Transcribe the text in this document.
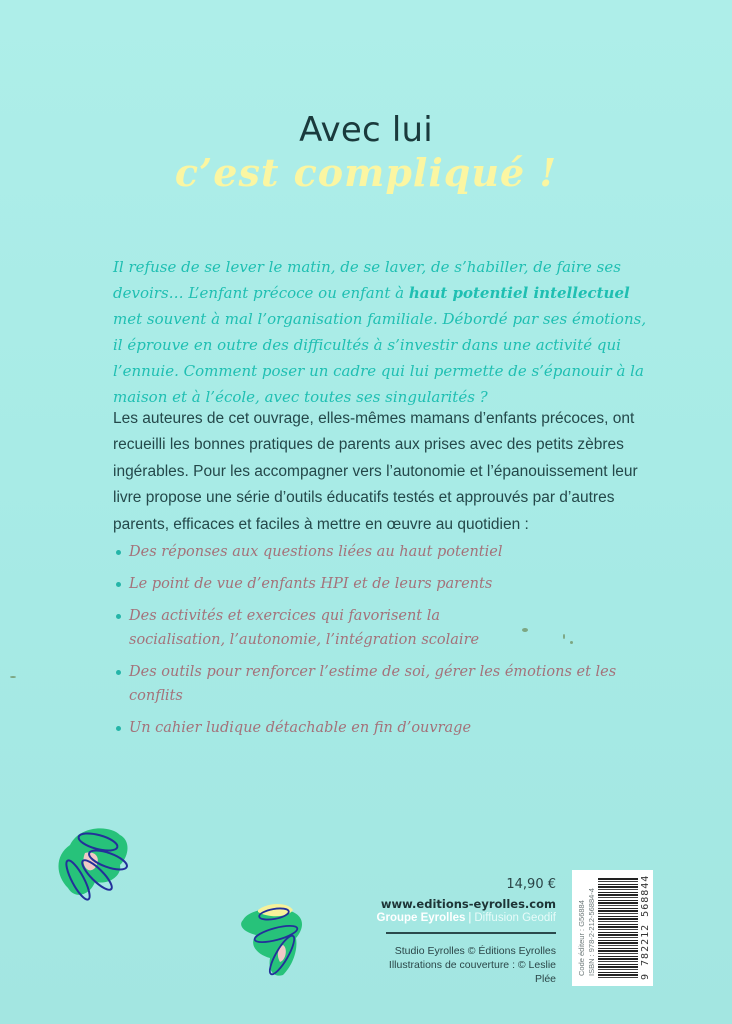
Avec lui
c’est compliqué !
Il refuse de se lever le matin, de se laver, de s’habiller, de faire ses devoirs… L’enfant précoce ou enfant à haut potentiel intellectuel met souvent à mal l’organisation familiale. Débordé par ses émotions, il éprouve en outre des difficultés à s’investir dans une activité qui l’ennuie. Comment poser un cadre qui lui permette de s’épanouir à la maison et à l’école, avec toutes ses singularités ?
Les auteures de cet ouvrage, elles-mêmes mamans d’enfants précoces, ont recueilli les bonnes pratiques de parents aux prises avec des petits zèbres ingérables. Pour les accompagner vers l’autonomie et l’épanouissement leur livre propose une série d’outils éducatifs testés et approuvés par d’autres parents, efficaces et faciles à mettre en œuvre au quotidien :
Des réponses aux questions liées au haut potentiel
Le point de vue d’enfants HPI et de leurs parents
Des activités et exercices qui favorisent la socialisation, l’autonomie, l’intégration scolaire
Des outils pour renforcer l’estime de soi, gérer les émotions et les conflits
Un cahier ludique détachable en fin d’ouvrage
14,90 €
www.editions-eyrolles.com
Groupe Eyrolles | Diffusion Geodif
Studio Eyrolles © Éditions Eyrolles
Illustrations de couverture : © Leslie Plée
Code éditeur : G56884 ISBN : 978-2-212-56884-4	9 782212 568844
